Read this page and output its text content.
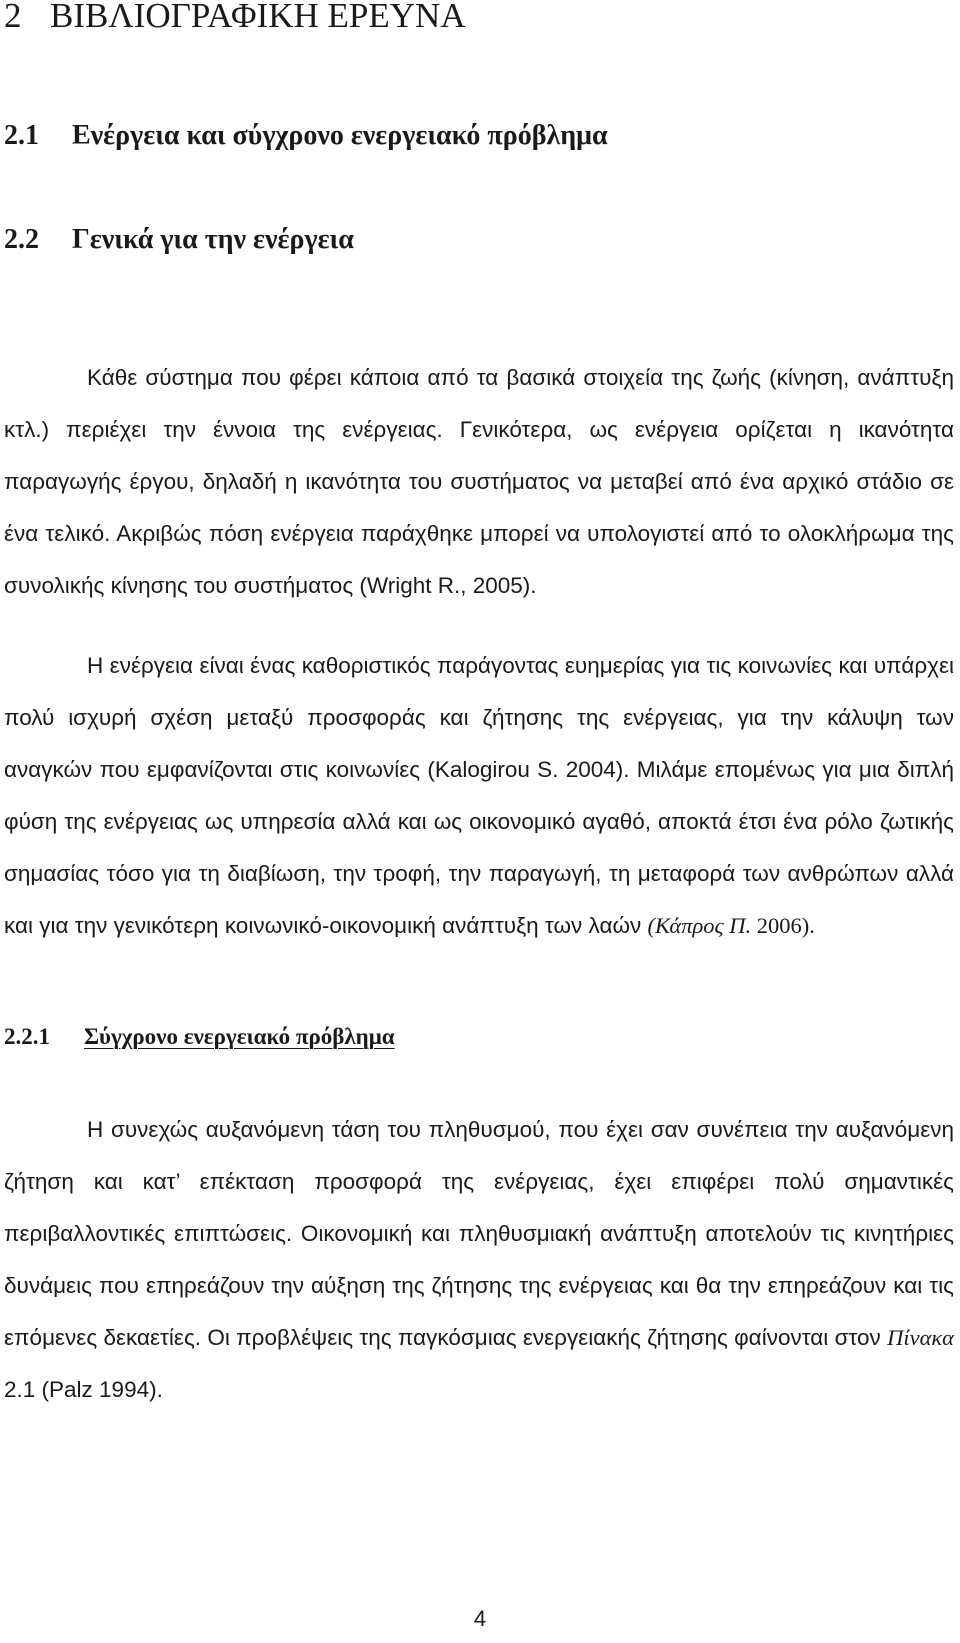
2 ΒΙΒΛΙΟΓΡΑΦΙΚΗ ΕΡΕΥΝΑ
2.1 Ενέργεια και σύγχρονο ενεργειακό πρόβλημα
2.2 Γενικά για την ενέργεια

Κάθε σύστημα που φέρει κάποια από τα βασικά στοιχεία της ζωής (κίνηση, ανάπτυξη κτλ.) περιέχει την έννοια της ενέργειας. Γενικότερα, ως ενέργεια ορίζεται η ικανότητα παραγωγής έργου, δηλαδή η ικανότητα του συστήματος να μεταβεί από ένα αρχικό στάδιο σε ένα τελικό. Ακριβώς πόση ενέργεια παράχθηκε μπορεί να υπολογιστεί από το ολοκλήρωμα της συνολικής κίνησης του συστήματος (Wright R., 2005).

Η ενέργεια είναι ένας καθοριστικός παράγοντας ευημερίας για τις κοινωνίες και υπάρχει πολύ ισχυρή σχέση μεταξύ προσφοράς και ζήτησης της ενέργειας, για την κάλυψη των αναγκών που εμφανίζονται στις κοινωνίες (Kalogirou S. 2004). Μιλάμε επομένως για μια διπλή φύση της ενέργειας ως υπηρεσία αλλά και ως οικονομικό αγαθό, αποκτά έτσι ένα ρόλο ζωτικής σημασίας τόσο για τη διαβίωση, την τροφή, την παραγωγή, τη μεταφορά των ανθρώπων αλλά και για την γενικότερη κοινωνικό-οικονομική ανάπτυξη των λαών (Κάπρος Π. 2006).

2.2.1 Σύγχρονο ενεργειακό πρόβλημα

Η συνεχώς αυξανόμενη τάση του πληθυσμού, που έχει σαν συνέπεια την αυξανόμενη ζήτηση και κατ’ επέκταση προσφορά της ενέργειας, έχει επιφέρει πολύ σημαντικές περιβαλλοντικές επιπτώσεις. Οικονομική και πληθυσμιακή ανάπτυξη αποτελούν τις κινητήριες δυνάμεις που επηρεάζουν την αύξηση της ζήτησης της ενέργειας και θα την επηρεάζουν και τις επόμενες δεκαετίες. Οι προβλέψεις της παγκόσμιας ενεργειακής ζήτησης φαίνονται στον Πίνακα 2.1 (Palz 1994).

4
